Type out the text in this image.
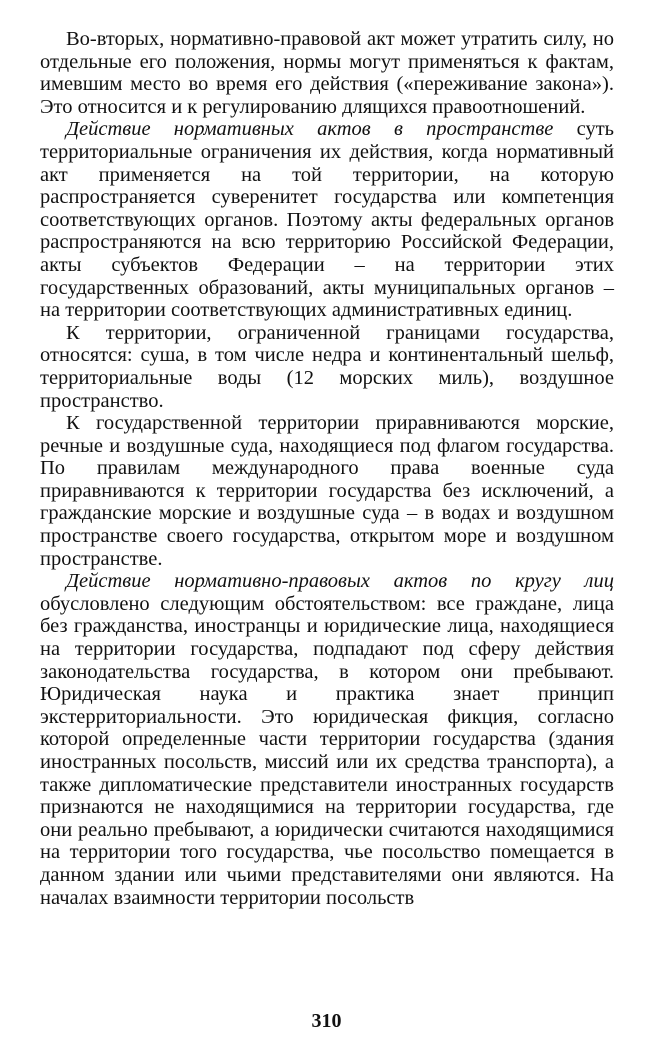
Во-вторых, нормативно-правовой акт может утратить силу, но отдельные его положения, нормы могут применяться к фактам, имевшим место во время его действия («переживание закона»). Это относится и к регулированию длящихся правоотношений.

Действие нормативных актов в пространстве суть территориальные ограничения их действия, когда нормативный акт применяется на той территории, на которую распространяется суверенитет государства или компетенция соответствующих органов. Поэтому акты федеральных органов распространяются на всю территорию Российской Федерации, акты субъектов Федерации – на территории этих государственных образований, акты муниципальных органов – на территории соответствующих административных единиц.

К территории, ограниченной границами государства, относятся: суша, в том числе недра и континентальный шельф, территориальные воды (12 морских миль), воздушное пространство.

К государственной территории приравниваются морские, речные и воздушные суда, находящиеся под флагом государства. По правилам международного права военные суда приравниваются к территории государства без исключений, а гражданские морские и воздушные суда – в водах и воздушном пространстве своего государства, открытом море и воздушном пространстве.

Действие нормативно-правовых актов по кругу лиц обусловлено следующим обстоятельством: все граждане, лица без гражданства, иностранцы и юридические лица, находящиеся на территории государства, подпадают под сферу действия законодательства государства, в котором они пребывают. Юридическая наука и практика знает принцип экстерриториальности. Это юридическая фикция, согласно которой определенные части территории государства (здания иностранных посольств, миссий или их средства транспорта), а также дипломатические представители иностранных государств признаются не находящимися на территории государства, где они реально пребывают, а юридически считаются находящимися на территории того государства, чье посольство помещается в данном здании или чьими представителями они являются. На началах взаимности территории посольств

310
